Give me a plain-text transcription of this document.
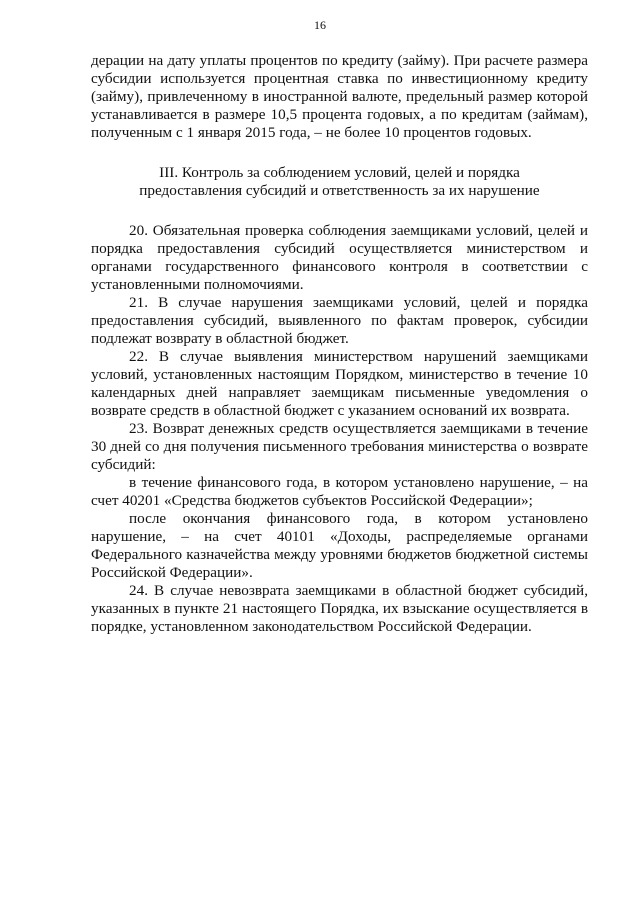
16

дерации на дату уплаты процентов по кредиту (займу). При расчете размера субсидии используется процентная ставка по инвестиционному кредиту (займу), привлеченному в иностранной валюте, предельный размер которой устанавливается в размере 10,5 процента годовых, а по кредитам (займам), полученным с 1 января 2015 года, – не более 10 процентов годовых.

III. Контроль за соблюдением условий, целей и порядка
предоставления субсидий и ответственность за их нарушение

20. Обязательная проверка соблюдения заемщиками условий, целей и порядка предоставления субсидий осуществляется министерством и органами государственного финансового контроля в соответствии с установленными полномочиями.

21. В случае нарушения заемщиками условий, целей и порядка предоставления субсидий, выявленного по фактам проверок, субсидии подлежат возврату в областной бюджет.

22. В случае выявления министерством нарушений заемщиками условий, установленных настоящим Порядком, министерство в течение 10 календарных дней направляет заемщикам письменные уведомления о возврате средств в областной бюджет с указанием оснований их возврата.

23. Возврат денежных средств осуществляется заемщиками в течение 30 дней со дня получения письменного требования министерства о возврате субсидий:

в течение финансового года, в котором установлено нарушение, – на счет 40201 «Средства бюджетов субъектов Российской Федерации»;

после окончания финансового года, в котором установлено нарушение, – на счет 40101 «Доходы, распределяемые органами Федерального казначейства между уровнями бюджетов бюджетной системы Российской Федерации».

24. В случае невозврата заемщиками в областной бюджет субсидий, указанных в пункте 21 настоящего Порядка, их взыскание осуществляется в порядке, установленном законодательством Российской Федерации.
